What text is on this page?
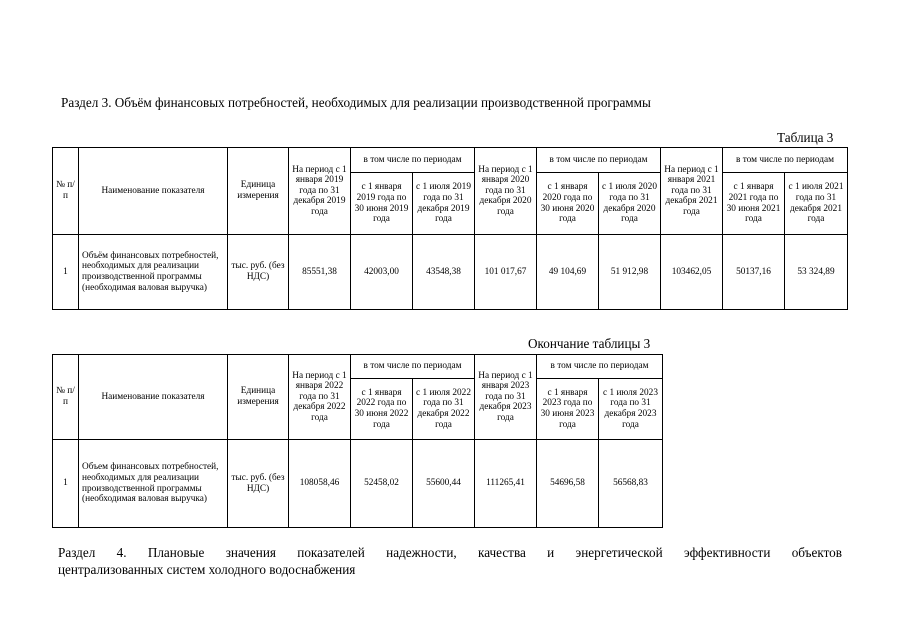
Раздел 3. Объём финансовых потребностей, необходимых для реализации производственной программы
Таблица 3
№ п/п	Наименование показателя	Единица измерения	На период с 1 января 2019 года по 31 декабря 2019 года	в том числе по периодам		На период с 1 января 2020 года по 31 декабря 2020 года	в том числе по периодам		На период с 1 января 2021 года по 31 декабря 2021 года	в том числе по периодам	
				с 1 января 2019 года по 30 июня 2019 года	с 1 июля 2019 года по 31 декабря 2019 года		с 1 января 2020 года по 30 июня 2020 года	с 1 июля 2020 года по 31 декабря 2020 года		с 1 января 2021 года по 30 июня 2021 года	с 1 июля 2021 года по 31 декабря 2021 года
1	Объём финансовых потребностей, необходимых для реализации производственной программы (необходимая валовая выручка)	тыс. руб. (без НДС)	85551,38	42003,00	43548,38	101 017,67	49 104,69	51 912,98	103462,05	50137,16	53 324,89
Окончание таблицы 3
№ п/п	Наименование показателя	Единица измерения	На период с 1 января 2022 года по 31 декабря 2022 года	в том числе по периодам		На период с 1 января 2023 года по 31 декабря 2023 года	в том числе по периодам	
				с 1 января 2022 года по 30 июня 2022 года	с 1 июля 2022 года по 31 декабря 2022 года		с 1 января 2023 года по 30 июня 2023 года	с 1 июля 2023 года по 31 декабря 2023 года
1	Объем финансовых потребностей, необходимых для реализации производственной программы (необходимая валовая выручка)	тыс. руб. (без НДС)	108058,46	52458,02	55600,44	111265,41	54696,58	56568,83
Раздел 4. Плановые значения показателей надежности, качества и энергетической эффективности объектов
централизованных систем холодного водоснабжения
